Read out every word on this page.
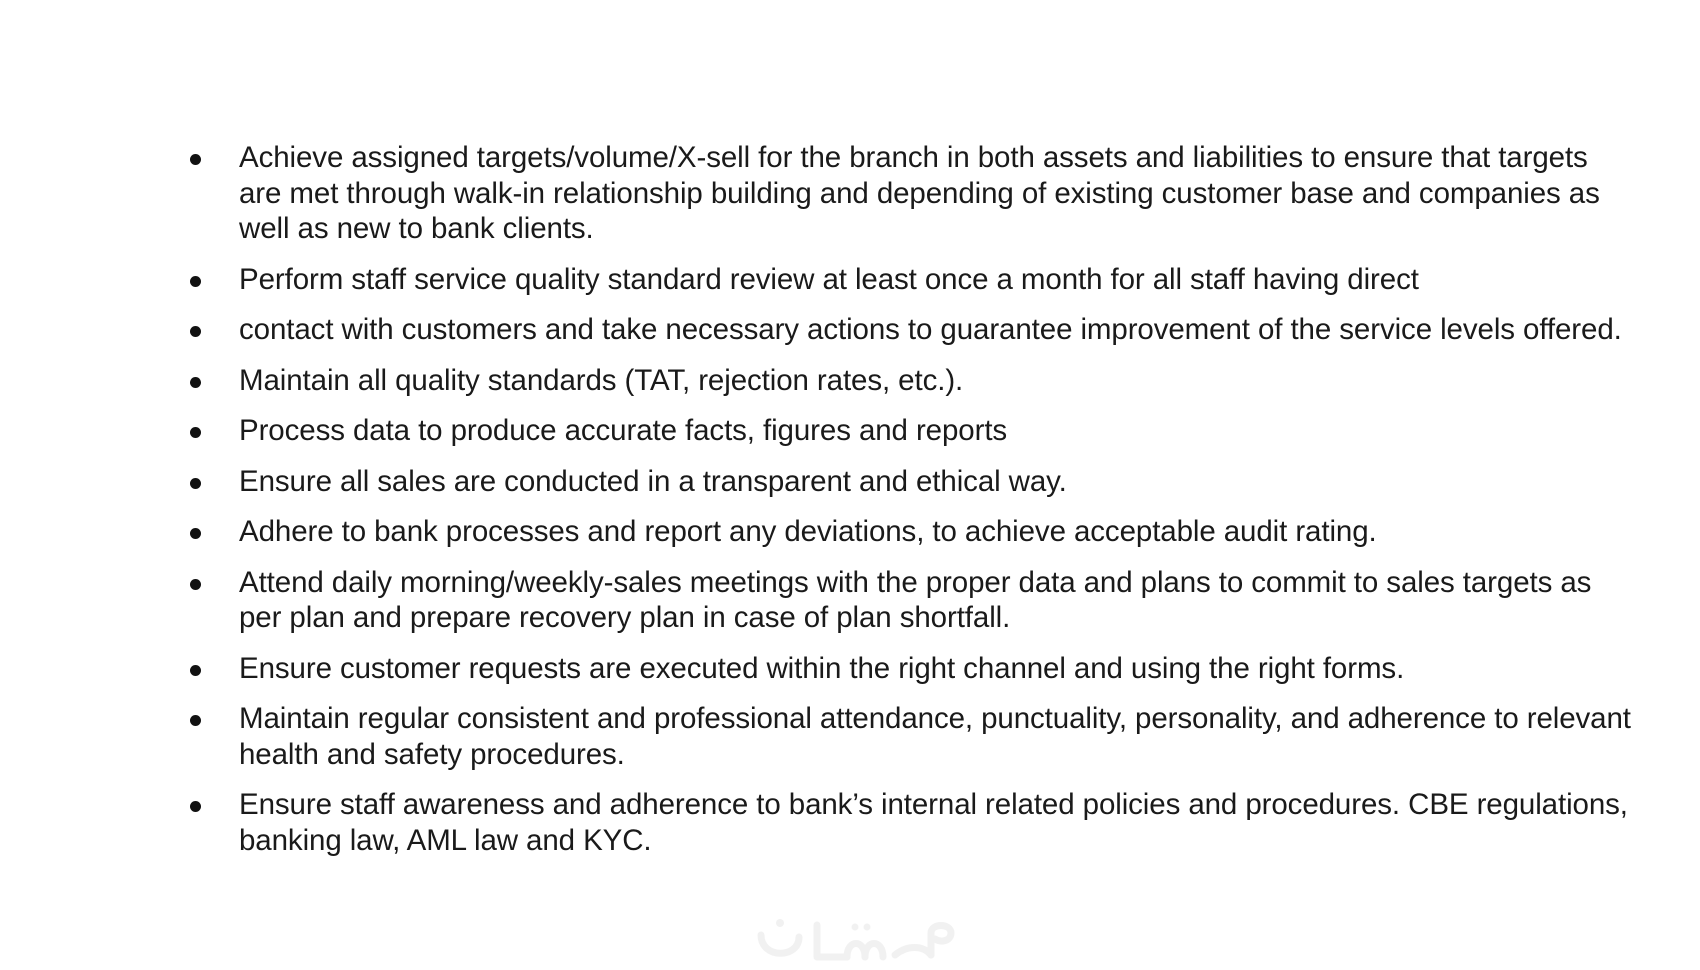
Achieve assigned targets/volume/X-sell for the branch in both assets and liabilities to ensure that targets are met through walk-in relationship building and depending of existing customer base and companies as well as new to bank clients.
Perform staff service quality standard review at least once a month for all staff having direct
contact with customers and take necessary actions to guarantee improvement of the service levels offered.
Maintain all quality standards (TAT, rejection rates, etc.).
Process data to produce accurate facts, figures and reports
Ensure all sales are conducted in a transparent and ethical way.
Adhere to bank processes and report any deviations, to achieve acceptable audit rating.
Attend daily morning/weekly-sales meetings with the proper data and plans to commit to sales targets as per plan and prepare recovery plan in case of plan shortfall.
Ensure customer requests are executed within the right channel and using the right forms.
Maintain regular consistent and professional attendance, punctuality, personality, and adherence to relevant health and safety procedures.
Ensure staff awareness and adherence to bank’s internal related policies and procedures. CBE regulations, banking law, AML law and KYC.
